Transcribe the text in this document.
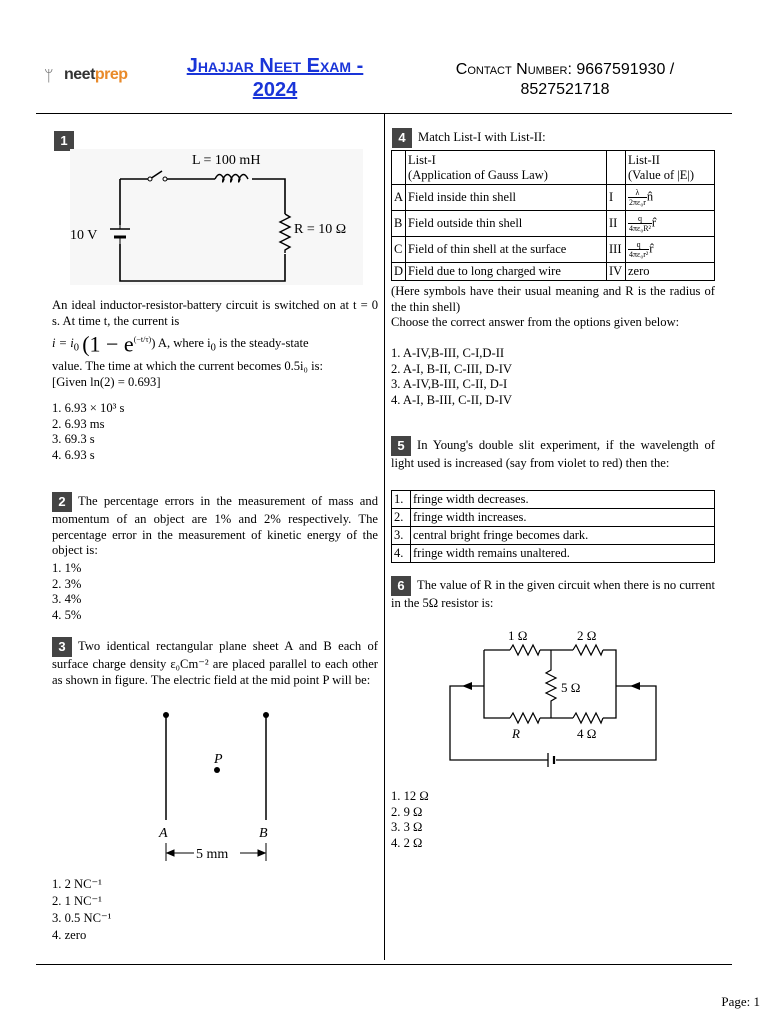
ᛘ neetprep	Jhajjar Neet Exam -
2024
Contact Number: 9667591930 /
8527521718
1
L = 100 mH
10 V	R = 10 Ω
An ideal inductor-resistor-battery circuit is switched on at t = 0 s. At time t, the current is
$i = i_0$ $(1 - e^{(-t/\tau)})$ A, where $i_0$ is the steady-state
value. The time at which the current becomes 0.5i₀ is:
[Given ln(2) = 0.693]
1. 6.93 × 10³ s
2. 6.93 ms
3. 69.3 s
4. 6.93 s
2 The percentage errors in the measurement of mass and momentum of an object are 1% and 2% respectively. The percentage error in the measurement of kinetic energy of the object is:
1. 1%
2. 3%
3. 4%
4. 5%
3 Two identical rectangular plane sheet A and B each of surface charge density ε₀Cm⁻² are placed parallel to each other as shown in figure. The electric field at the mid point P will be:
P
A	B
5 mm
1. 2 NC⁻¹
2. 1 NC⁻¹
3. 0.5 NC⁻¹
4. zero
4 Match List-I with List-II:
	List-I
(Application of Gauss Law)		List-II
(Value of |E|)
A	Field inside thin shell	I	$\frac{\lambda}{\text{2πε₀r}}$ n̂
B	Field outside thin shell	II	$\frac{q}{\text{4πε₀R²}}$ r̂
C	Field of thin shell at the surface	III	$\frac{q}{\text{4πε₀r²}}$ r̂
D	Field due to long charged wire	IV	zero
(Here symbols have their usual meaning and R is the radius of the thin shell)
Choose the correct answer from the options given below:
1. A-IV,B-III, C-I,D-II
2. A-I, B-II, C-III, D-IV
3. A-IV,B-III, C-II, D-I
4. A-I, B-III, C-II, D-IV
5 In Young's double slit experiment, if the wavelength of light used is increased (say from violet to red) then the:
1.	fringe width decreases.
2.	fringe width increases.
3.	central bright fringe becomes dark.
4.	fringe width remains unaltered.
6 The value of R in the given circuit when there is no current in the 5Ω resistor is:
1 Ω	2 Ω
5 Ω
R	4 Ω
1. 12 Ω
2. 9 Ω
3. 3 Ω
4. 2 Ω
Page: 1
